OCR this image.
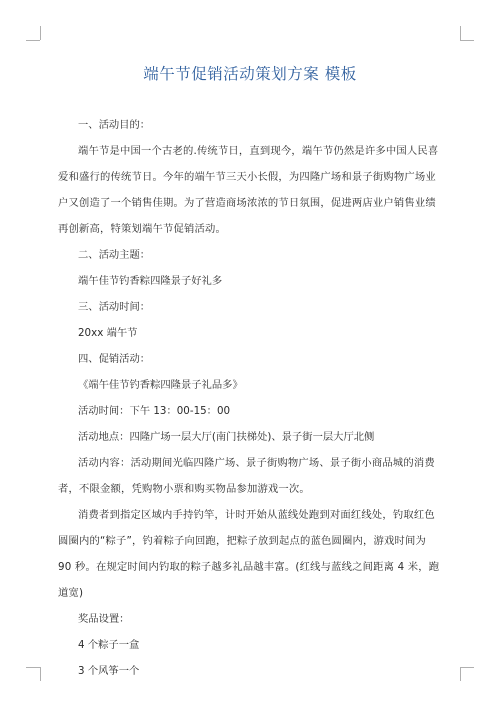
端午节促销活动策划方案 模板

一、活动目的：

端午节是中国一个古老的.传统节日，直到现今，端午节仍然是许多中国人民喜爱和盛行的传统节日。今年的端午节三天小长假，为四隆广场和景子街购物广场业户又创造了一个销售佳期。为了营造商场浓浓的节日氛围，促进两店业户销售业绩再创新高，特策划端午节促销活动。

二、活动主题：

端午佳节钓香粽四隆景子好礼多

三、活动时间：

20xx 端午节

四、促销活动：

《端午佳节钓香粽四隆景子礼品多》

活动时间：下午 13：00-15：00

活动地点：四隆广场一层大厅(南门扶梯处)、景子街一层大厅北侧

活动内容：活动期间光临四隆广场、景子街购物广场、景子街小商品城的消费者，不限金额，凭购物小票和购买物品参加游戏一次。

消费者到指定区域内手持钓竿，计时开始从蓝线处跑到对面红线处，钓取红色圆圈内的“粽子”，钓着粽子向回跑，把粽子放到起点的蓝色圆圈内，游戏时间为 90 秒。在规定时间内钓取的粽子越多礼品越丰富。(红线与蓝线之间距离 4 米，跑道宽)

奖品设置：

4 个粽子一盒

3 个风筝一个
